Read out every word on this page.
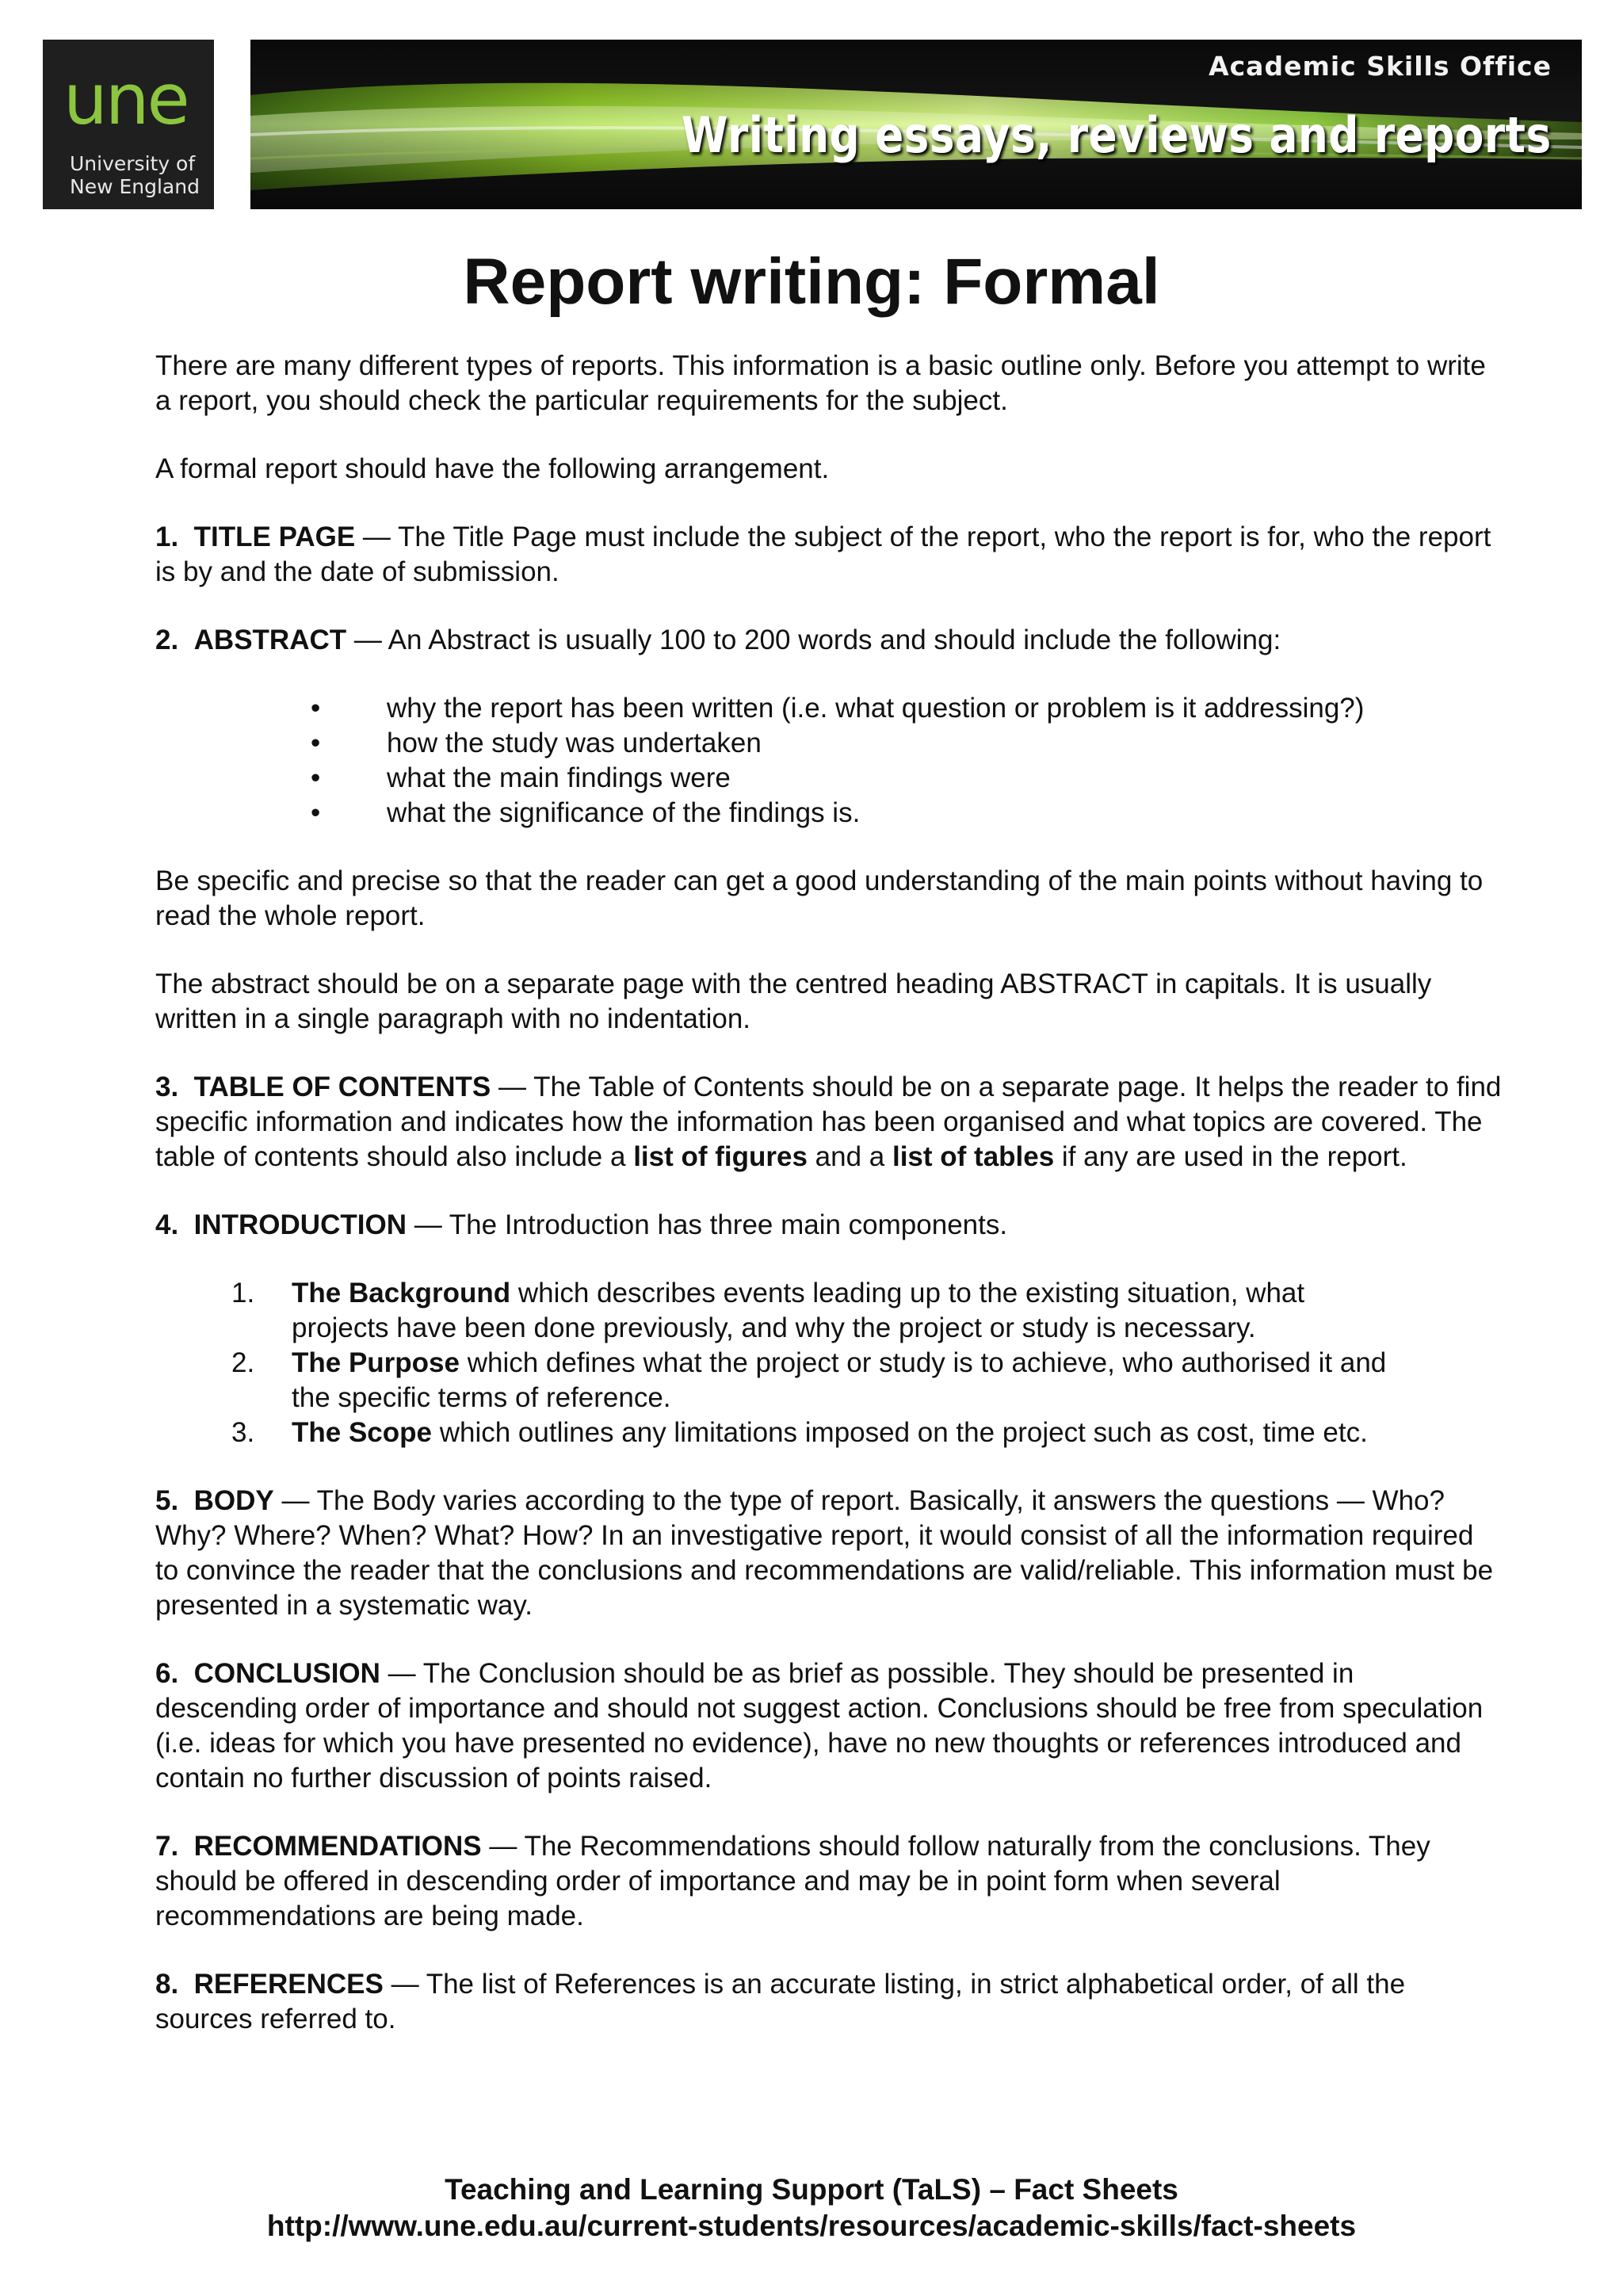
une
University of
New England
Academic Skills Office
Writing essays, reviews and reports
Report writing: Formal

There are many different types of reports. This information is a basic outline only. Before you attempt to write a report, you should check the particular requirements for the subject.

A formal report should have the following arrangement.

1. TITLE PAGE — The Title Page must include the subject of the report, who the report is for, who the report is by and the date of submission.

2. ABSTRACT — An Abstract is usually 100 to 200 words and should include the following:

• why the report has been written (i.e. what question or problem is it addressing?)
• how the study was undertaken
• what the main findings were
• what the significance of the findings is.

Be specific and precise so that the reader can get a good understanding of the main points without having to read the whole report.

The abstract should be on a separate page with the centred heading ABSTRACT in capitals. It is usually written in a single paragraph with no indentation.

3. TABLE OF CONTENTS — The Table of Contents should be on a separate page. It helps the reader to find specific information and indicates how the information has been organised and what topics are covered. The table of contents should also include a list of figures and a list of tables if any are used in the report.

4. INTRODUCTION — The Introduction has three main components.

1. The Background which describes events leading up to the existing situation, what projects have been done previously, and why the project or study is necessary.
2. The Purpose which defines what the project or study is to achieve, who authorised it and the specific terms of reference.
3. The Scope which outlines any limitations imposed on the project such as cost, time etc.

5. BODY — The Body varies according to the type of report. Basically, it answers the questions — Who? Why? Where? When? What? How? In an investigative report, it would consist of all the information required to convince the reader that the conclusions and recommendations are valid/reliable. This information must be presented in a systematic way.

6. CONCLUSION — The Conclusion should be as brief as possible. They should be presented in descending order of importance and should not suggest action. Conclusions should be free from speculation (i.e. ideas for which you have presented no evidence), have no new thoughts or references introduced and contain no further discussion of points raised.

7. RECOMMENDATIONS — The Recommendations should follow naturally from the conclusions. They should be offered in descending order of importance and may be in point form when several recommendations are being made.

8. REFERENCES — The list of References is an accurate listing, in strict alphabetical order, of all the sources referred to.

Teaching and Learning Support (TaLS) – Fact Sheets
http://www.une.edu.au/current-students/resources/academic-skills/fact-sheets
